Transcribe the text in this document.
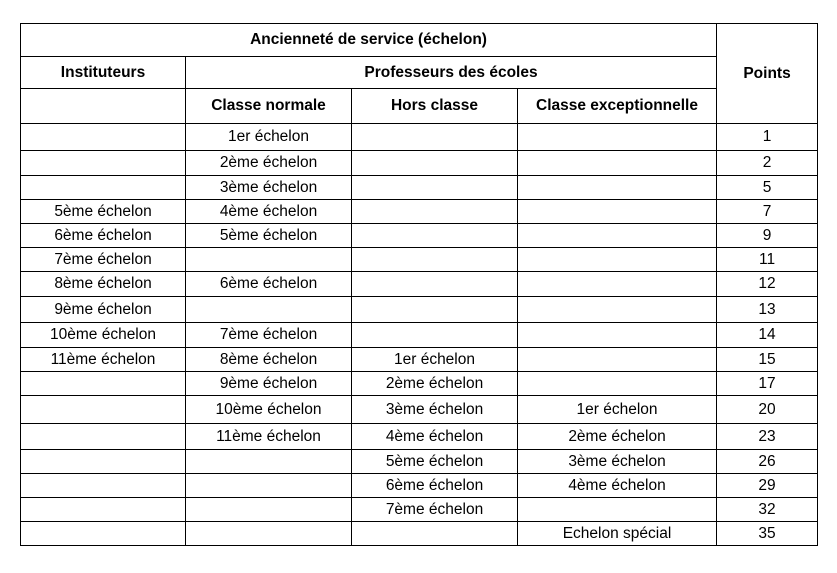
Ancienneté de service (échelon)				Points
Instituteurs	Professeurs des écoles			
	Classe normale	Hors classe	Classe exceptionnelle	
	1er échelon			1
	2ème échelon			2
	3ème échelon			5
5ème échelon	4ème échelon			7
6ème échelon	5ème échelon			9
7ème échelon				11
8ème échelon	6ème échelon			12
9ème échelon				13
10ème échelon	7ème échelon			14
11ème échelon	8ème échelon	1er échelon		15
	9ème échelon	2ème échelon		17
	10ème échelon	3ème échelon	1er échelon	20
	11ème échelon	4ème échelon	2ème échelon	23
		5ème échelon	3ème échelon	26
		6ème échelon	4ème échelon	29
		7ème échelon		32
			Echelon spécial	35
